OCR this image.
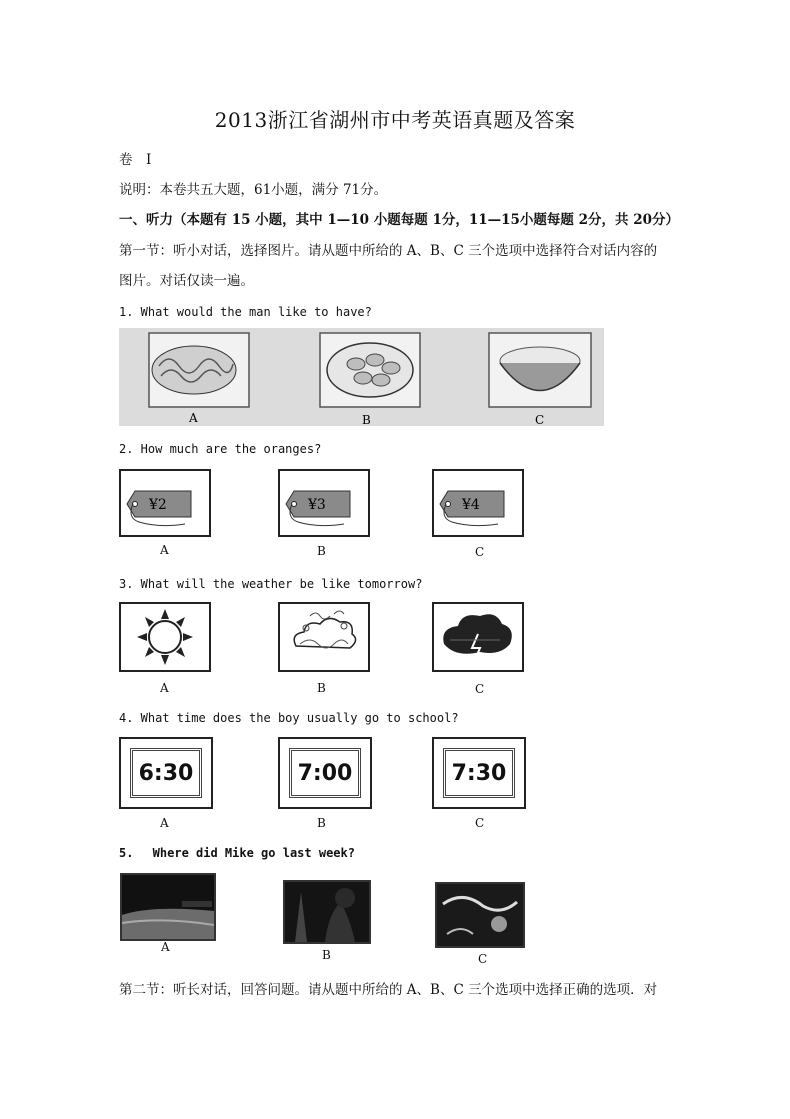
2013浙江省湖州市中考英语真题及答案
卷　I
说明：本卷共五大题，61小题，满分 71分。
一、听力（本题有 15 小题，其中 1—10 小题每题 1分，11—15小题每题 2分，共 20分）
第一节：听小对话，选择图片。请从题中所给的 A、B、C 三个选项中选择符合对话内容的
图片。对话仅读一遍。
1. What would the man like to have?
A	B	C
2. How much are the oranges?
¥2	¥3	¥4
A	B	C
3. What will the weather be like tomorrow?
A	B	C
4. What time does the boy usually go to school?
6:30	7:00	7:30
A	B	C
5.　 Where did Mike go last week?
A
B	C
第二节：听长对话，回答问题。请从题中所给的 A、B、C 三个选项中选择正确的选项．对
